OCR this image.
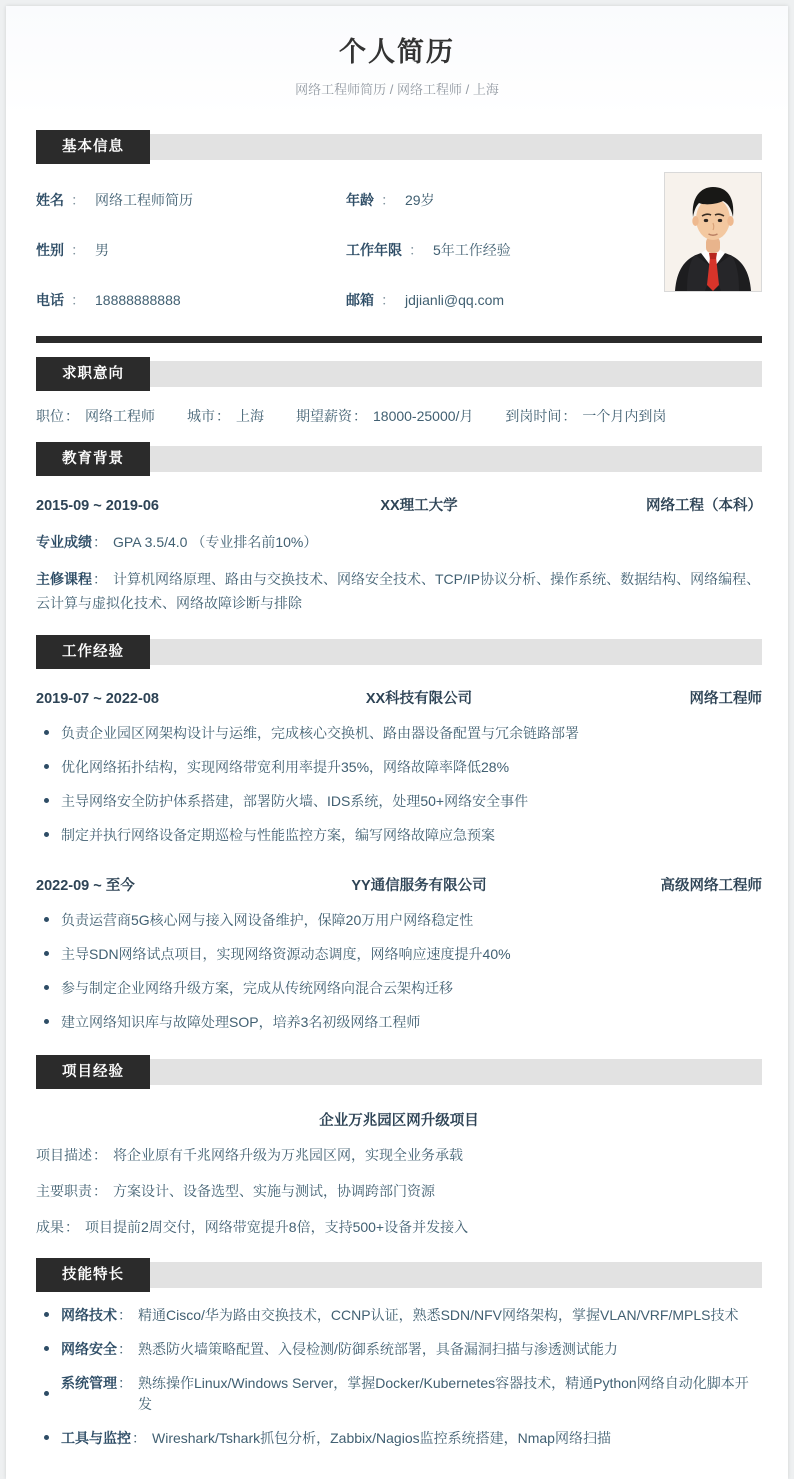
个人简历
网络工程师简历 / 网络工程师 / 上海
基本信息
姓名 ： 网络工程师简历	年龄 ： 29岁
性别 ： 男	工作年限 ： 5年工作经验
电话 ： 18888888888	邮箱 ： jdjianli@qq.com
求职意向
职位 ： 网络工程师 城市 ： 上海 期望薪资 ： 18000-25000/月 到岗时间 ： 一个月内到岗
教育背景
2015-09 ~ 2019-06	XX理工大学	网络工程（本科）
专业成绩： GPA 3.5/4.0 （专业排名前10%）
主修课程： 计算机网络原理、路由与交换技术、网络安全技术、TCP/IP协议分析、操作系统、数据结构、网络编程、云计算与虚拟化技术、网络故障诊断与排除
工作经验
2019-07 ~ 2022-08	XX科技有限公司	网络工程师
负责企业园区网架构设计与运维，完成核心交换机、路由器设备配置与冗余链路部署
优化网络拓扑结构，实现网络带宽利用率提升35%，网络故障率降低28%
主导网络安全防护体系搭建，部署防火墙、IDS系统，处理50+网络安全事件
制定并执行网络设备定期巡检与性能监控方案，编写网络故障应急预案
2022-09 ~ 至今	YY通信服务有限公司	高级网络工程师
负责运营商5G核心网与接入网设备维护，保障20万用户网络稳定性
主导SDN网络试点项目，实现网络资源动态调度，网络响应速度提升40%
参与制定企业网络升级方案，完成从传统网络向混合云架构迁移
建立网络知识库与故障处理SOP，培养3名初级网络工程师
项目经验
企业万兆园区网升级项目
项目描述： 将企业原有千兆网络升级为万兆园区网，实现全业务承载
主要职责： 方案设计、设备选型、实施与测试，协调跨部门资源
成果： 项目提前2周交付，网络带宽提升8倍，支持500+设备并发接入
技能特长
网络技术 ： 精通Cisco/华为路由交换技术，CCNP认证，熟悉SDN/NFV网络架构，掌握VLAN/VRF/MPLS技术
网络安全 ： 熟悉防火墙策略配置、入侵检测/防御系统部署，具备漏洞扫描与渗透测试能力
系统管理 ： 熟练操作Linux/Windows Server，掌握Docker/Kubernetes容器技术，精通Python网络自动化脚本开发
工具与监控 ： Wireshark/Tshark抓包分析，Zabbix/Nagios监控系统搭建，Nmap网络扫描
